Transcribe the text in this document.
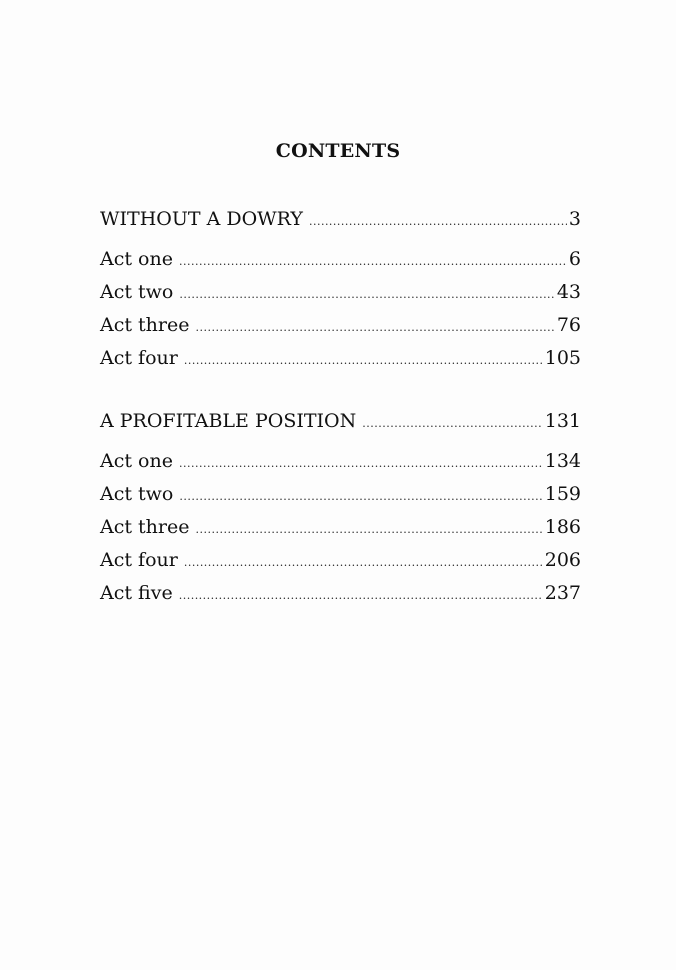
CONTENTS
WITHOUT A DOWRY .....	3
Act one .....	6
Act two .....	43
Act three .....	76
Act four .....	105
A PROFITABLE POSITION .....	131
Act one .....	134
Act two .....	159
Act three .....	186
Act four .....	206
Act five .....	237
